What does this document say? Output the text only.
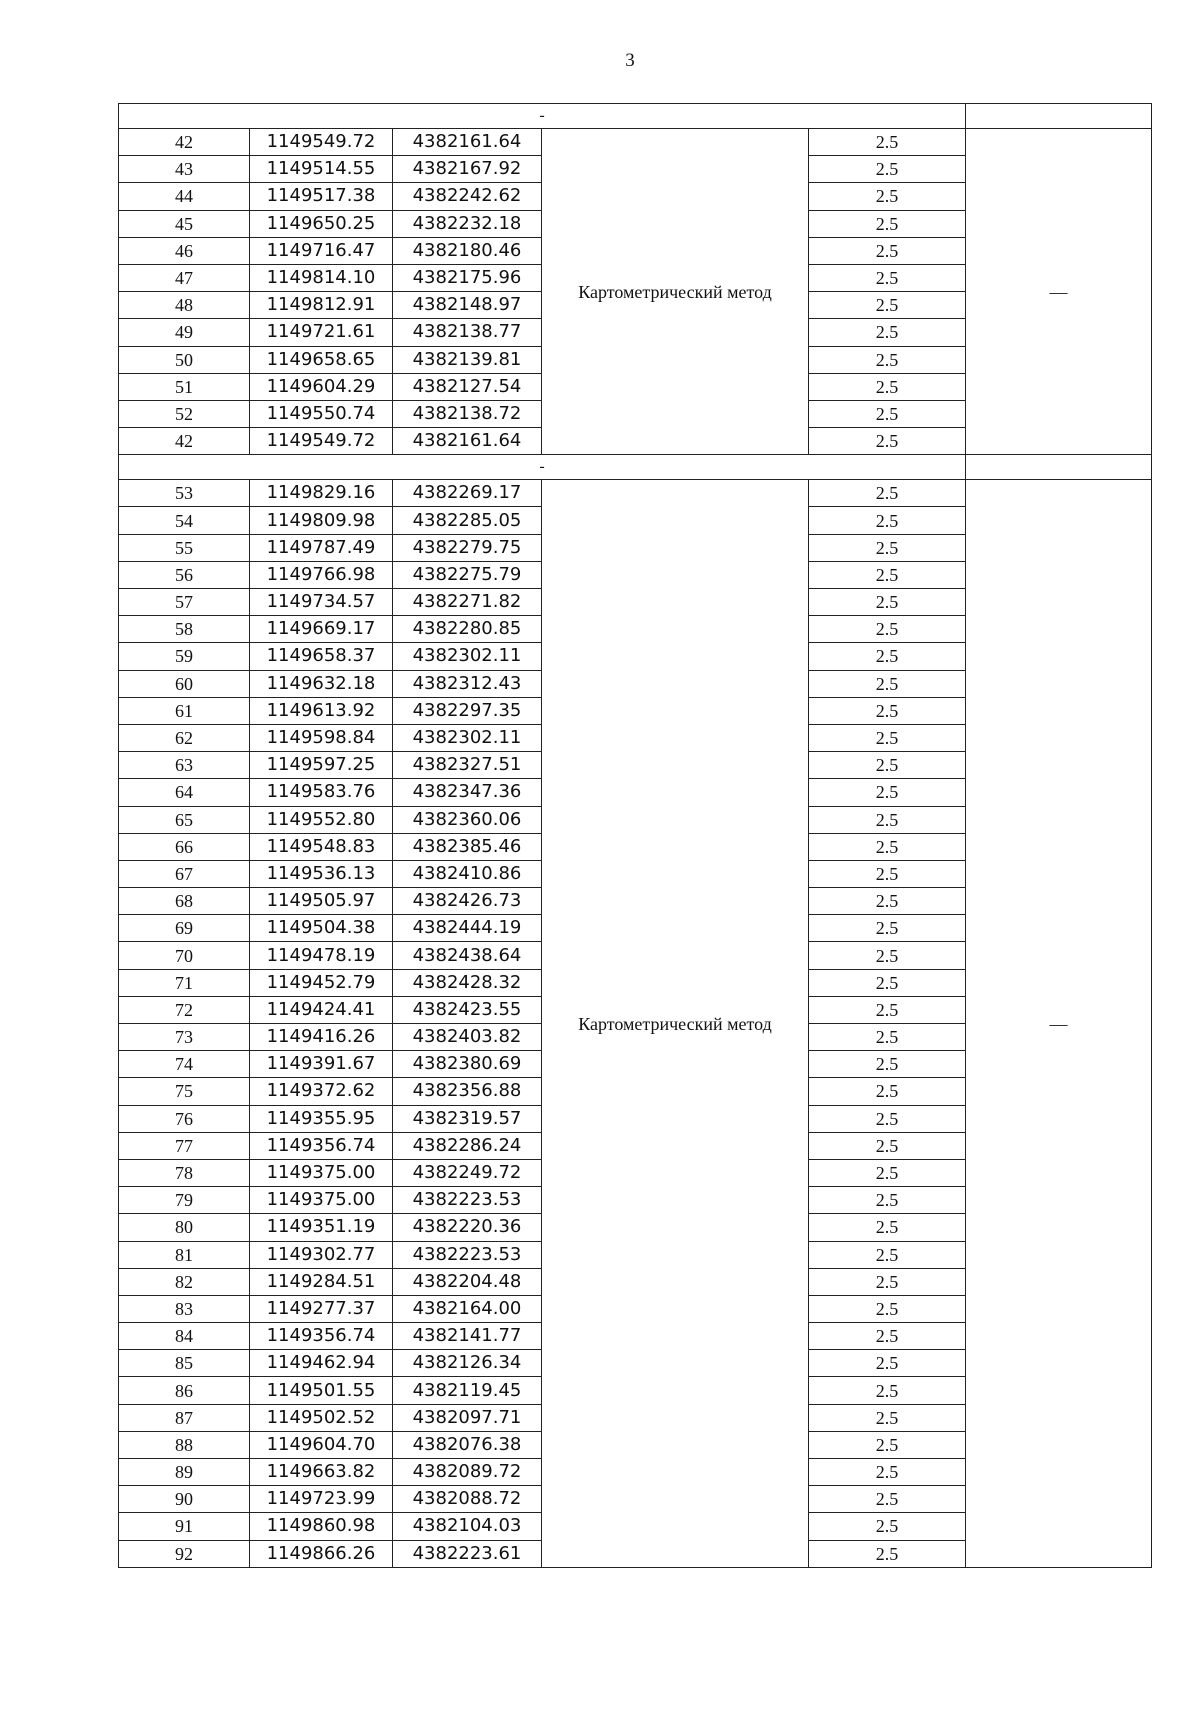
3
-					
42	1149549.72	4382161.64	Картометрический метод	2.5	—
43	1149514.55	4382167.92		2.5	
44	1149517.38	4382242.62		2.5	
45	1149650.25	4382232.18		2.5	
46	1149716.47	4382180.46		2.5	
47	1149814.10	4382175.96		2.5	
48	1149812.91	4382148.97		2.5	
49	1149721.61	4382138.77		2.5	
50	1149658.65	4382139.81		2.5	
51	1149604.29	4382127.54		2.5	
52	1149550.74	4382138.72		2.5	
42	1149549.72	4382161.64		2.5	
-					
53	1149829.16	4382269.17	Картометрический метод	2.5	—
54	1149809.98	4382285.05		2.5	
55	1149787.49	4382279.75		2.5	
56	1149766.98	4382275.79		2.5	
57	1149734.57	4382271.82		2.5	
58	1149669.17	4382280.85		2.5	
59	1149658.37	4382302.11		2.5	
60	1149632.18	4382312.43		2.5	
61	1149613.92	4382297.35		2.5	
62	1149598.84	4382302.11		2.5	
63	1149597.25	4382327.51		2.5	
64	1149583.76	4382347.36		2.5	
65	1149552.80	4382360.06		2.5	
66	1149548.83	4382385.46		2.5	
67	1149536.13	4382410.86		2.5	
68	1149505.97	4382426.73		2.5	
69	1149504.38	4382444.19		2.5	
70	1149478.19	4382438.64		2.5	
71	1149452.79	4382428.32		2.5	
72	1149424.41	4382423.55		2.5	
73	1149416.26	4382403.82		2.5	
74	1149391.67	4382380.69		2.5	
75	1149372.62	4382356.88		2.5	
76	1149355.95	4382319.57		2.5	
77	1149356.74	4382286.24		2.5	
78	1149375.00	4382249.72		2.5	
79	1149375.00	4382223.53		2.5	
80	1149351.19	4382220.36		2.5	
81	1149302.77	4382223.53		2.5	
82	1149284.51	4382204.48		2.5	
83	1149277.37	4382164.00		2.5	
84	1149356.74	4382141.77		2.5	
85	1149462.94	4382126.34		2.5	
86	1149501.55	4382119.45		2.5	
87	1149502.52	4382097.71		2.5	
88	1149604.70	4382076.38		2.5	
89	1149663.82	4382089.72		2.5	
90	1149723.99	4382088.72		2.5	
91	1149860.98	4382104.03		2.5	
92	1149866.26	4382223.61		2.5	
